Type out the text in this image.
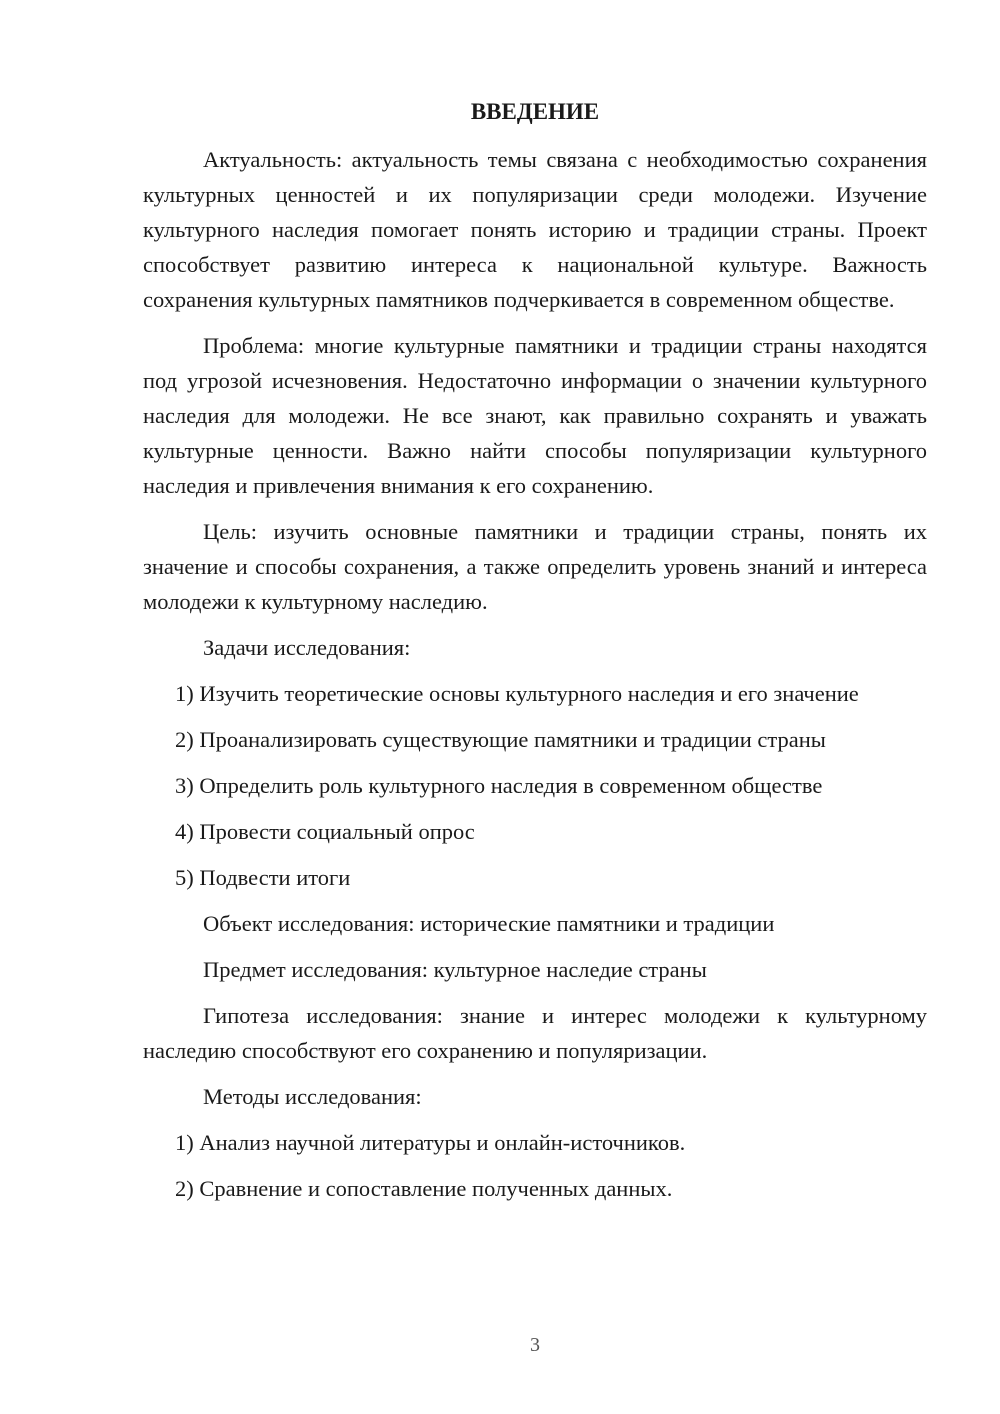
ВВЕДЕНИЕ

Актуальность: актуальность темы связана с необходимостью сохранения культурных ценностей и их популяризации среди молодежи. Изучение культурного наследия помогает понять историю и традиции страны. Проект способствует развитию интереса к национальной культуре. Важность сохранения культурных памятников подчеркивается в современном обществе.

Проблема: многие культурные памятники и традиции страны находятся под угрозой исчезновения. Недостаточно информации о значении культурного наследия для молодежи. Не все знают, как правильно сохранять и уважать культурные ценности. Важно найти способы популяризации культурного наследия и привлечения внимания к его сохранению.

Цель: изучить основные памятники и традиции страны, понять их значение и способы сохранения, а также определить уровень знаний и интереса молодежи к культурному наследию.

Задачи исследования:

1) Изучить теоретические основы культурного наследия и его значение

2) Проанализировать существующие памятники и традиции страны

3) Определить роль культурного наследия в современном обществе

4) Провести социальный опрос

5) Подвести итоги

Объект исследования: исторические памятники и традиции

Предмет исследования: культурное наследие страны

Гипотеза исследования: знание и интерес молодежи к культурному наследию способствуют его сохранению и популяризации.

Методы исследования:

1) Анализ научной литературы и онлайн-источников.

2) Сравнение и сопоставление полученных данных.

3
